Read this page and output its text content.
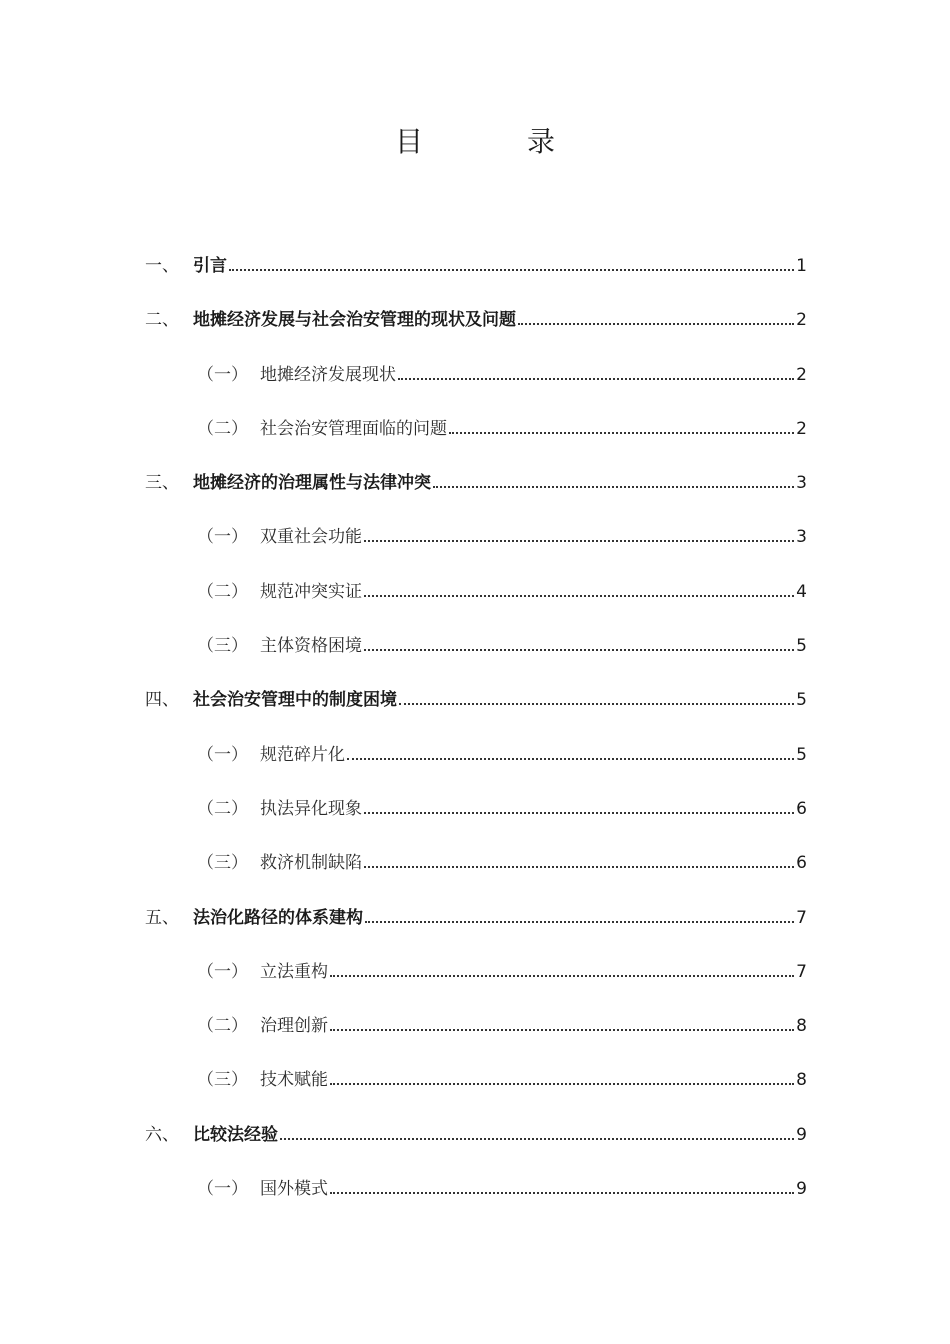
目　录
一、 引言	1
二、 地摊经济发展与社会治安管理的现状及问题	2
（一） 地摊经济发展现状	2
（二） 社会治安管理面临的问题	2
三、 地摊经济的治理属性与法律冲突	3
（一） 双重社会功能	3
（二） 规范冲突实证	4
（三） 主体资格困境	5
四、 社会治安管理中的制度困境	5
（一） 规范碎片化	5
（二） 执法异化现象	6
（三） 救济机制缺陷	6
五、 法治化路径的体系建构	7
（一） 立法重构	7
（二） 治理创新	8
（三） 技术赋能	8
六、 比较法经验	9
（一） 国外模式	9
